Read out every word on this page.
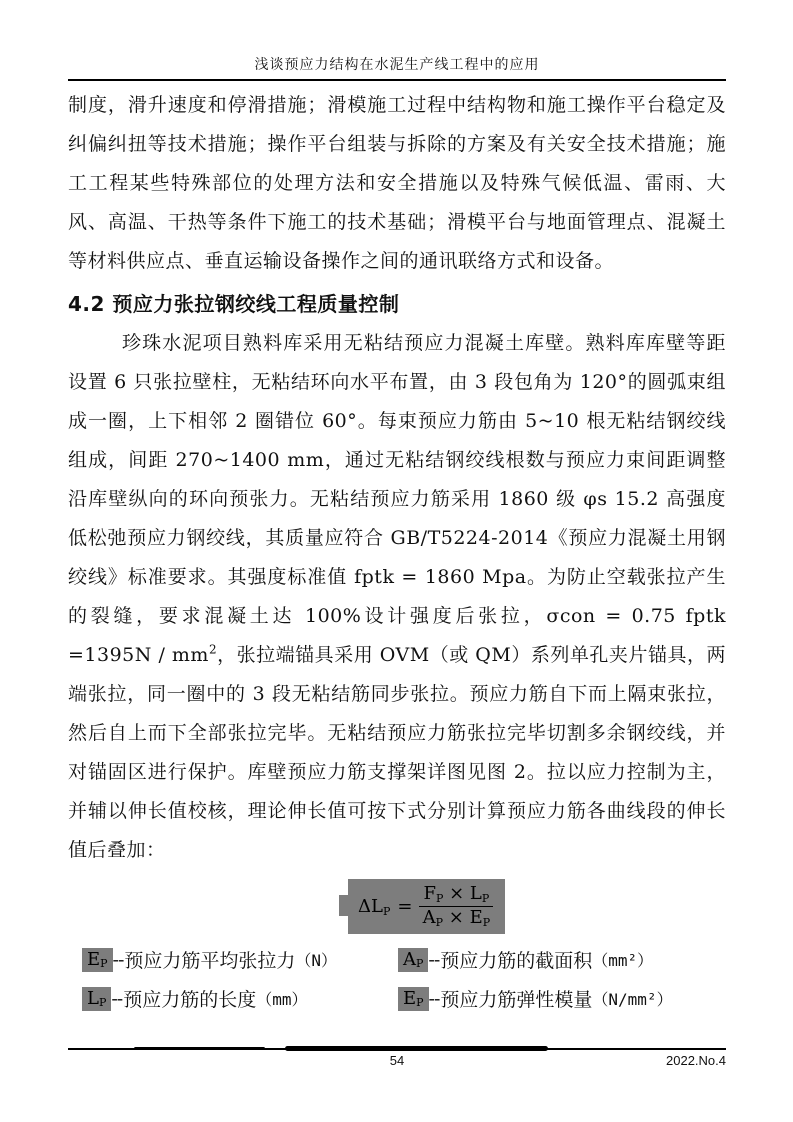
浅谈预应力结构在水泥生产线工程中的应用

制度，滑升速度和停滑措施；滑模施工过程中结构物和施工操作平台稳定及纠偏纠扭等技术措施；操作平台组装与拆除的方案及有关安全技术措施；施工工程某些特殊部位的处理方法和安全措施以及特殊气候低温、雷雨、大风、高温、干热等条件下施工的技术基础；滑模平台与地面管理点、混凝土等材料供应点、垂直运输设备操作之间的通讯联络方式和设备。

4.2 预应力张拉钢绞线工程质量控制

珍珠水泥项目熟料库采用无粘结预应力混凝土库壁。熟料库库壁等距设置 6 只张拉壁柱，无粘结环向水平布置，由 3 段包角为 120°的圆弧束组成一圈，上下相邻 2 圈错位 60°。每束预应力筋由 5~10 根无粘结钢绞线组成，间距 270~1400 mm，通过无粘结钢绞线根数与预应力束间距调整沿库壁纵向的环向预张力。无粘结预应力筋采用 1860 级 φs 15.2 高强度低松弛预应力钢绞线，其质量应符合 GB/T5224-2014《预应力混凝土用钢绞线》标准要求。其强度标准值 fptk = 1860 Mpa。为防止空载张拉产生的裂缝，要求混凝土达 100%设计强度后张拉，σcon = 0.75 fptk $=1395N / mm^2$，张拉端锚具采用 OVM（或 QM）系列单孔夹片锚具，两端张拉，同一圈中的 3 段无粘结筋同步张拉。预应力筋自下而上隔束张拉，然后自上而下全部张拉完毕。无粘结预应力筋张拉完毕切割多余钢绞线，并对锚固区进行保护。库壁预应力筋支撑架详图见图 2。拉以应力控制为主，并辅以伸长值校核，理论伸长值可按下式分别计算预应力筋各曲线段的伸长值后叠加：

$\Delta L_P = \frac{F_P \times L_P}{A_P \times E_P}$
$E_P$ -- 预应力筋平均张拉力 （N）	$A_P$ -- 预应力筋的截面积 （mm²）
$L_P$ -- 预应力筋的长度 （mm）	$E_P$ -- 预应力筋弹性模量 （N/mm²）
54	2022.No.4
